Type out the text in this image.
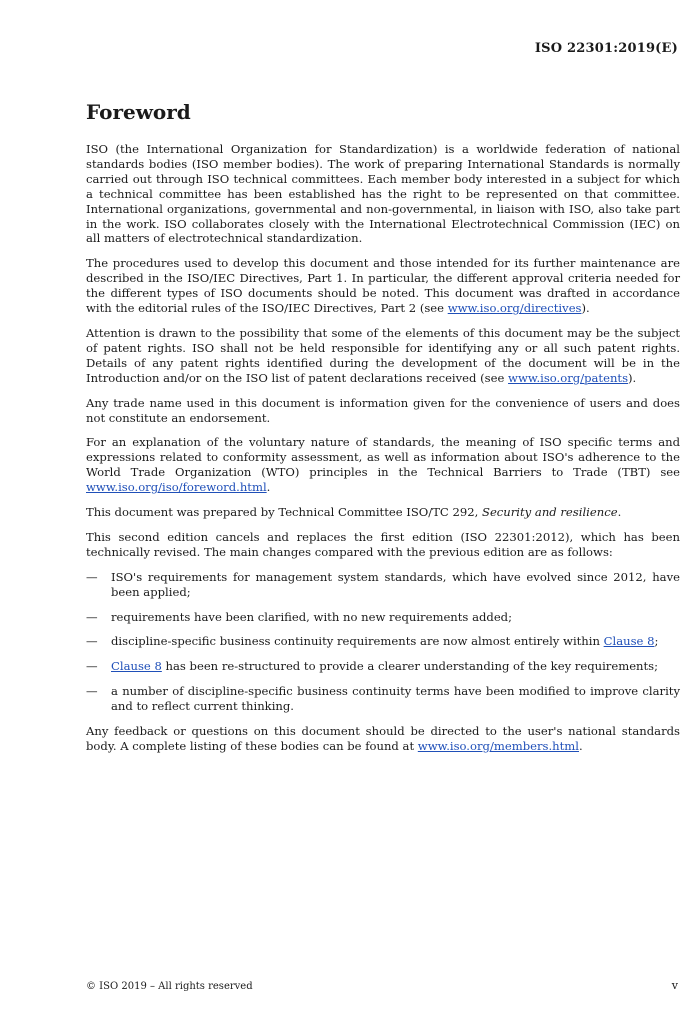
ISO 22301:2019(E)
Foreword

ISO (the International Organization for Standardization) is a worldwide federation of national standards bodies (ISO member bodies). The work of preparing International Standards is normally carried out through ISO technical committees. Each member body interested in a subject for which a technical committee has been established has the right to be represented on that committee. International organizations, governmental and non-governmental, in liaison with ISO, also take part in the work. ISO collaborates closely with the International Electrotechnical Commission (IEC) on all matters of electrotechnical standardization.

The procedures used to develop this document and those intended for its further maintenance are described in the ISO/IEC Directives, Part 1. In particular, the different approval criteria needed for the different types of ISO documents should be noted. This document was drafted in accordance with the editorial rules of the ISO/IEC Directives, Part 2 (see www.iso.org/directives).

Attention is drawn to the possibility that some of the elements of this document may be the subject of patent rights. ISO shall not be held responsible for identifying any or all such patent rights. Details of any patent rights identified during the development of the document will be in the Introduction and/or on the ISO list of patent declarations received (see www.iso.org/patents).

Any trade name used in this document is information given for the convenience of users and does not constitute an endorsement.

For an explanation of the voluntary nature of standards, the meaning of ISO specific terms and expressions related to conformity assessment, as well as information about ISO's adherence to the World Trade Organization (WTO) principles in the Technical Barriers to Trade (TBT) see www.iso.org/iso/foreword.html.

This document was prepared by Technical Committee ISO/TC 292, Security and resilience.

This second edition cancels and replaces the first edition (ISO 22301:2012), which has been technically revised. The main changes compared with the previous edition are as follows:

— ISO's requirements for management system standards, which have evolved since 2012, have been applied;
— requirements have been clarified, with no new requirements added;
— discipline-specific business continuity requirements are now almost entirely within Clause 8;
— Clause 8 has been re-structured to provide a clearer understanding of the key requirements;
— a number of discipline-specific business continuity terms have been modified to improve clarity and to reflect current thinking.

Any feedback or questions on this document should be directed to the user's national standards body. A complete listing of these bodies can be found at www.iso.org/members.html.

© ISO 2019 – All rights reserved	v
